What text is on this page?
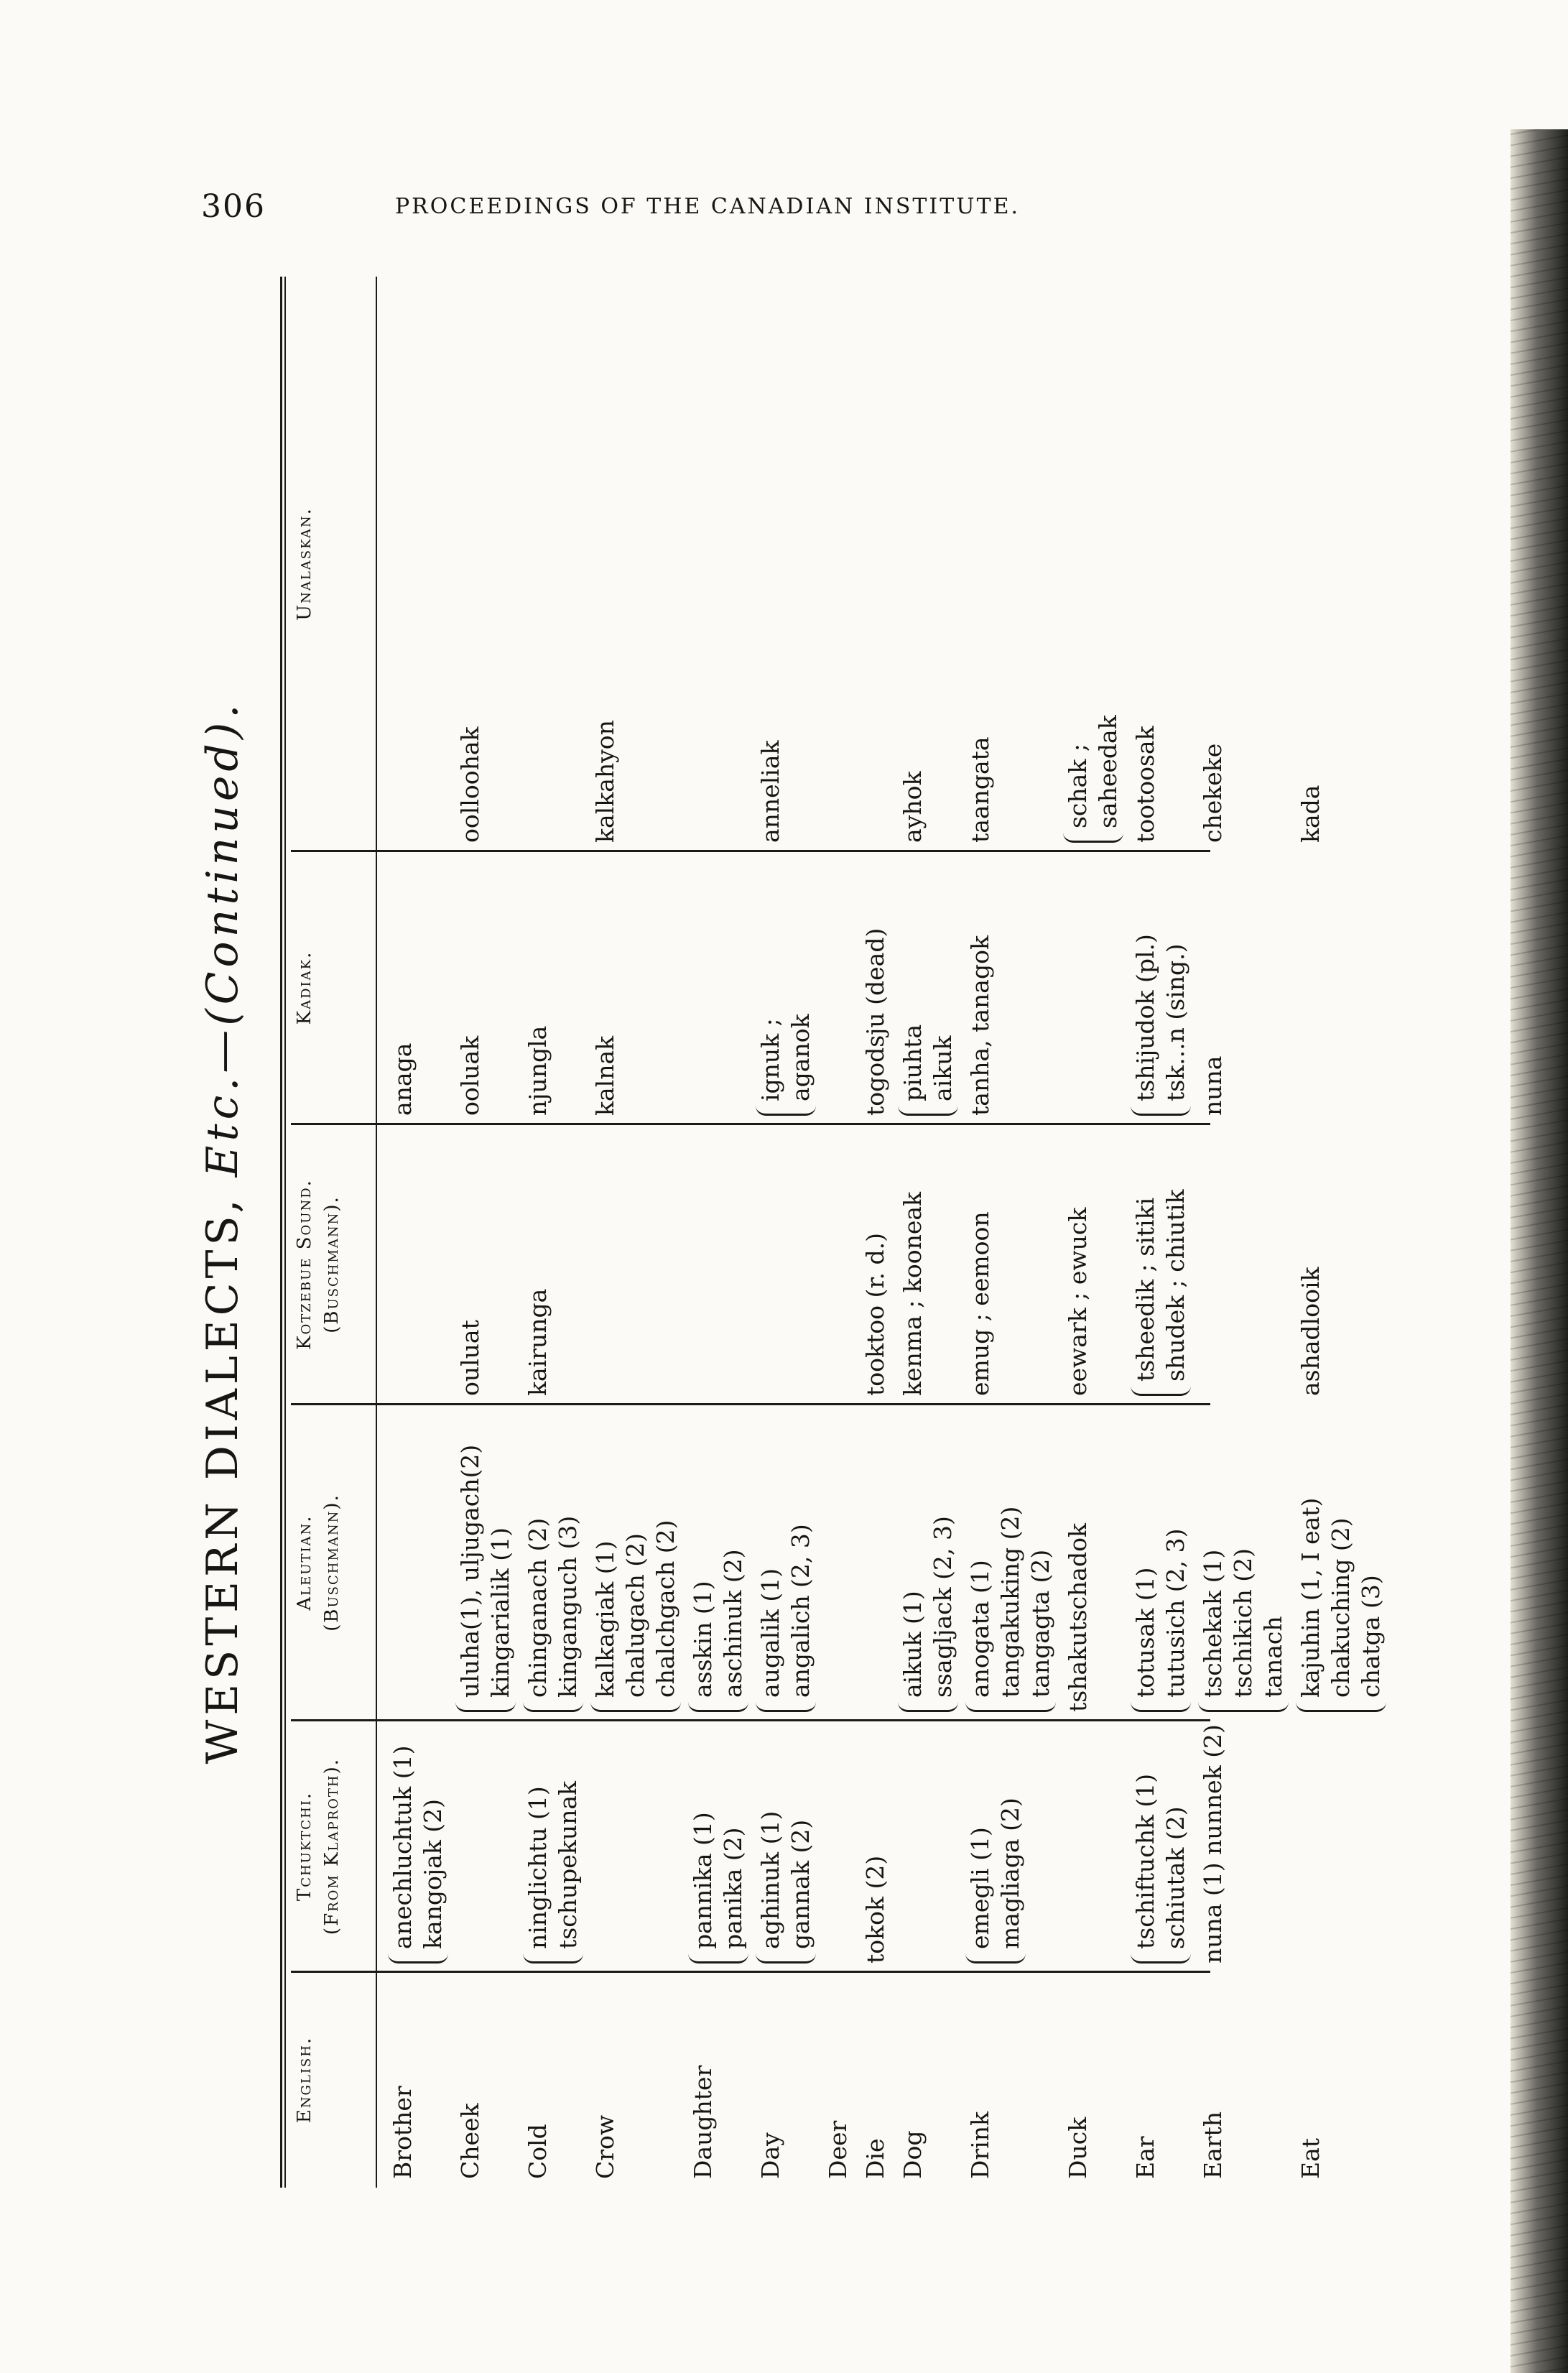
306	PROCEEDINGS OF THE CANADIAN INSTITUTE.
WESTERN DIALECTS, Etc.—(Continued).
English.
Tchuktchi. (From Klaproth).
Aleutian. (Buschmann).
Kotzebue Sound. (Buschmann).
Kadiak.
Unalaskan.
Brother
anechluchtuk (1) kangojak (2)
anaga
Cheek
uluha(1), uljugach(2) kingarialik (1)
ouluat
ooluak
oolloohak
Cold
ninglichtu (1) tschupekunak
chinganach (2) kinganguch (3)
kairunga
njungla
Crow
kalkagiak (1) chalugach (2) chalchgach (2)
kalnak
kalkahyon
Daughter
pannika (1) panika (2)
asskin (1) aschinuk (2)
Day
aghinuk (1) gannak (2)
augalik (1) angalich (2, 3)
ignuk ; aganok
anneliak
Deer Die
tokok (2)
tooktoo (r. d.)
togodsju (dead)
Dog
aikuk (1) ssagljack (2, 3)
kenma ; kooneak
piuhta aikuk
ayhok
Drink
emegli (1) magliaga (2)
anogata (1) tangakuking (2) tangagta (2)
emug ; eemoon
tanha, tanagok
taangata
Duck
tshakutschadok
eewark ; ewuck
schak ; saheedak
Ear
tschiftuchk (1) schiutak (2)
totusak (1) tutusich (2, 3)
tsheedik ; sitiki shudek ; chiutik
tshijudok (pl.) tsk...n (sing.)
tootoosak
Earth
nuna (1) nunnek (2)
tschekak (1) tschikich (2) tanach
nuna
chekeke
Eat
kajuhin (1, I eat) chakuching (2) chatga (3)
ashadlooik
kada
